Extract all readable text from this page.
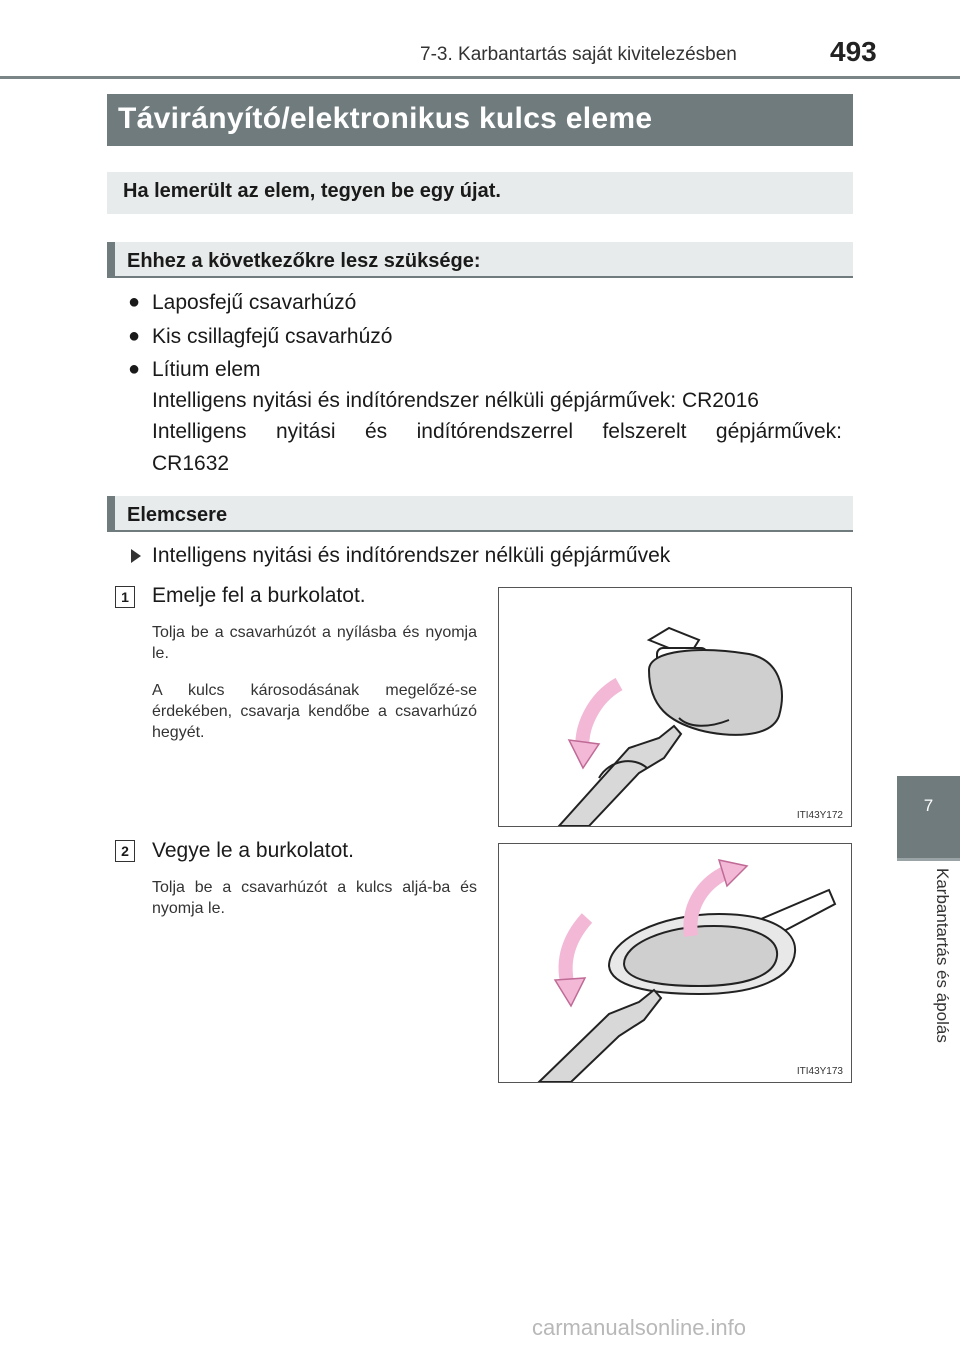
7-3. Karbantartás saját kivitelezésben	493
Távirányító/elektronikus kulcs eleme
Ha lemerült az elem, tegyen be egy újat.
Ehhez a következőkre lesz szüksége:
● Laposfejű csavarhúzó
● Kis csillagfejű csavarhúzó
● Lítium elem
Intelligens nyitási és indítórendszer nélküli gépjárművek: CR2016
Intelligens nyitási és indítórendszerrel felszerelt gépjárművek:
CR1632
Elemcsere
Intelligens nyitási és indítórendszer nélküli gépjárművek
1 Emelje fel a burkolatot.
Tolja be a csavarhúzót a nyílásba és nyomja le.
A kulcs károsodásának megelőzé-se érdekében, csavarja kendőbe a csavarhúzó hegyét.
ITI43Y172
2 Vegye le a burkolatot.
Tolja be a csavarhúzót a kulcs aljá-ba és nyomja le.
ITI43Y173
7
Karbantartás és ápolás
carmanualsonline.info
